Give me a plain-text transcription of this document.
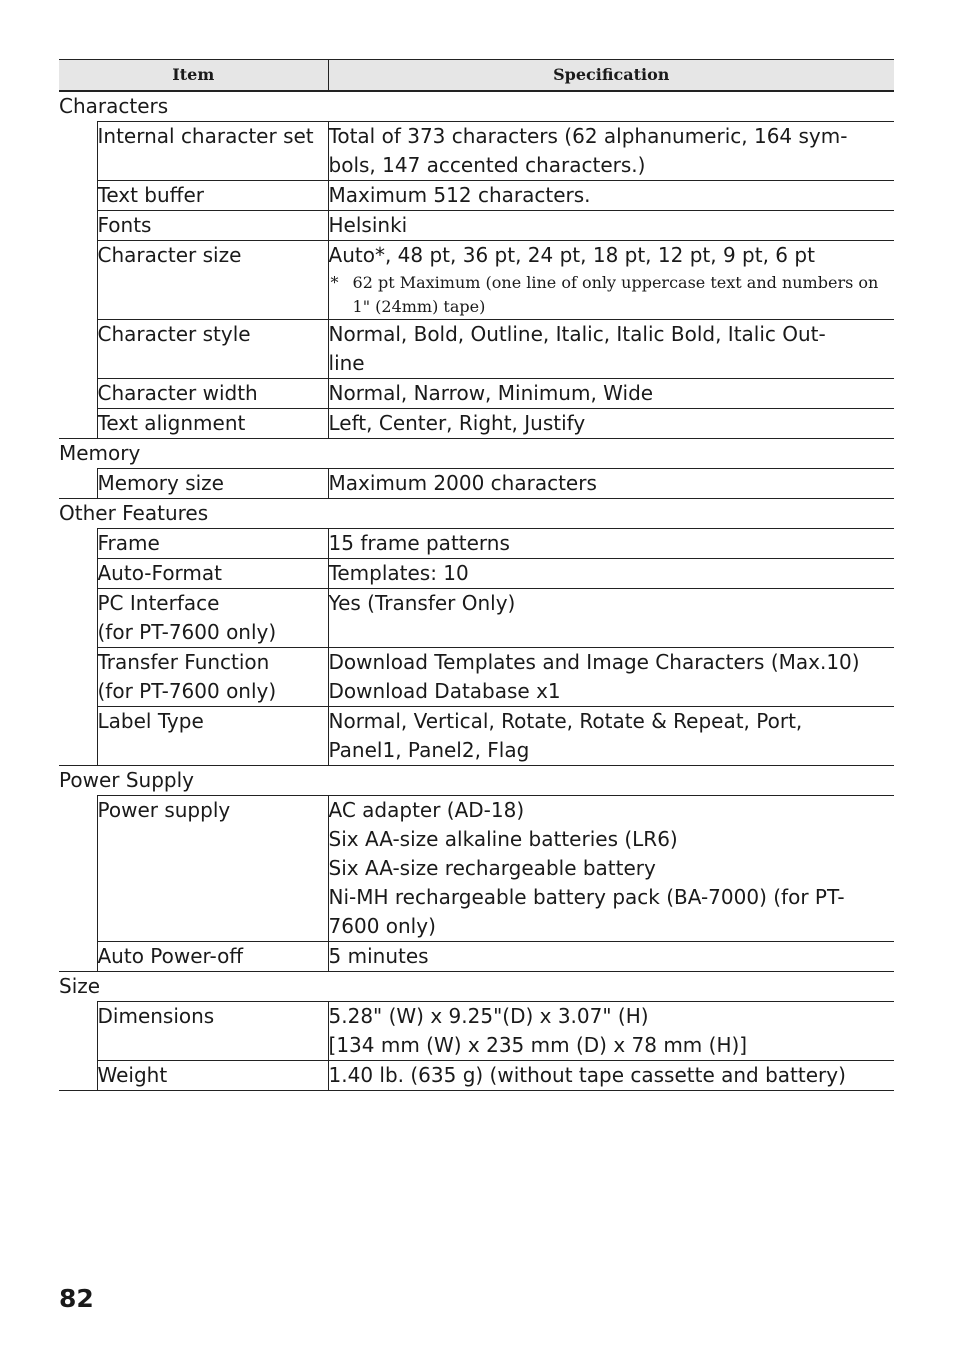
Item		Specification
Characters		

	Internal character set	Total of 373 characters (62 alphanumeric, 164 sym-
bols, 147 accented characters.)

	Text buffer	Maximum 512 characters.

	Fonts	Helsinki

	Character size	Auto*, 48 pt, 36 pt, 24 pt, 18 pt, 12 pt, 9 pt, 6 pt
* 62 pt Maximum (one line of only uppercase text and numbers on 1" (24mm) tape)

	Character style	Normal, Bold, Outline, Italic, Italic Bold, Italic Out-
line

	Character width	Normal, Narrow, Minimum, Wide

	Text alignment	Left, Center, Right, Justify

Memory		

	Memory size	Maximum 2000 characters

Other Features		

	Frame	15 frame patterns

	Auto-Format	Templates: 10

	PC Interface
(for PT-7600 only)	Yes (Transfer Only)

	Transfer Function
(for PT-7600 only)	Download Templates and Image Characters (Max.10)
Download Database x1

	Label Type	Normal, Vertical, Rotate, Rotate & Repeat, Port,
Panel1, Panel2, Flag

Power Supply		

	Power supply	AC adapter (AD-18)
Six AA-size alkaline batteries (LR6)
Six AA-size rechargeable battery
Ni-MH rechargeable battery pack (BA-7000) (for PT-
7600 only)

	Auto Power-off	5 minutes

Size		

	Dimensions	5.28" (W) x 9.25"(D) x 3.07" (H)
[134 mm (W) x 235 mm (D) x 78 mm (H)]

	Weight	1.40 lb. (635 g) (without tape cassette and battery)

82
